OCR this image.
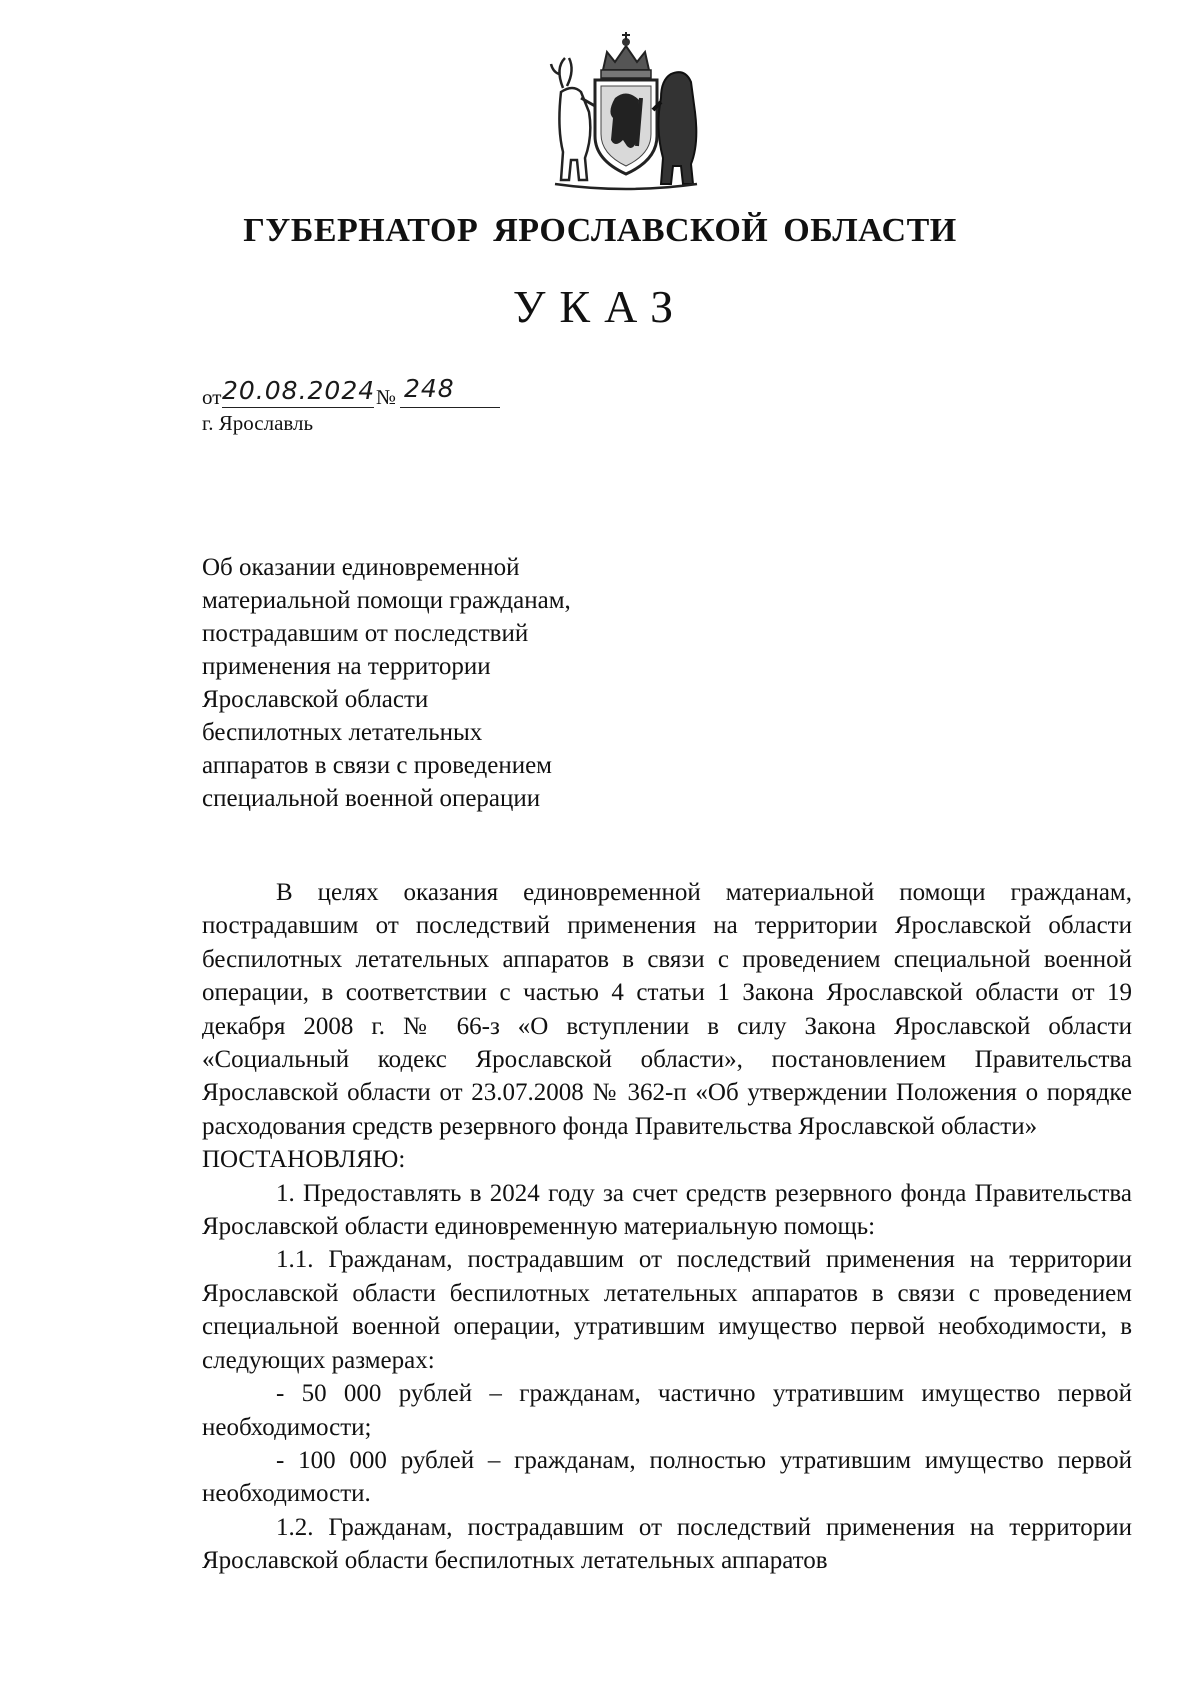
ГУБЕРНАТОР ЯРОСЛАВСКОЙ ОБЛАСТИ
УКАЗ
от 20.08.2024 № 248
г. Ярославль
Об оказании единовременной
материальной помощи гражданам,
пострадавшим от последствий
применения на территории
Ярославской области
беспилотных летательных
аппаратов в связи с проведением
специальной военной операции

В целях оказания единовременной материальной помощи гражданам, пострадавшим от последствий применения на территории Ярославской области беспилотных летательных аппаратов в связи с проведением специальной военной операции, в соответствии с частью 4 статьи 1 Закона Ярославской области от 19 декабря 2008 г. № 66-з «О вступлении в силу Закона Ярославской области «Социальный кодекс Ярославской области», постановлением Правительства Ярославской области от 23.07.2008 № 362-п «Об утверждении Положения о порядке расходования средств резервного фонда Правительства Ярославской области»

ПОСТАНОВЛЯЮ:

1. Предоставлять в 2024 году за счет средств резервного фонда Правительства Ярославской области единовременную материальную помощь:

1.1. Гражданам, пострадавшим от последствий применения на территории Ярославской области беспилотных летательных аппаратов в связи с проведением специальной военной операции, утратившим имущество первой необходимости, в следующих размерах:

- 50 000 рублей – гражданам, частично утратившим имущество первой необходимости;

- 100 000 рублей – гражданам, полностью утратившим имущество первой необходимости.

1.2. Гражданам, пострадавшим от последствий применения на территории Ярославской области беспилотных летательных аппаратов
